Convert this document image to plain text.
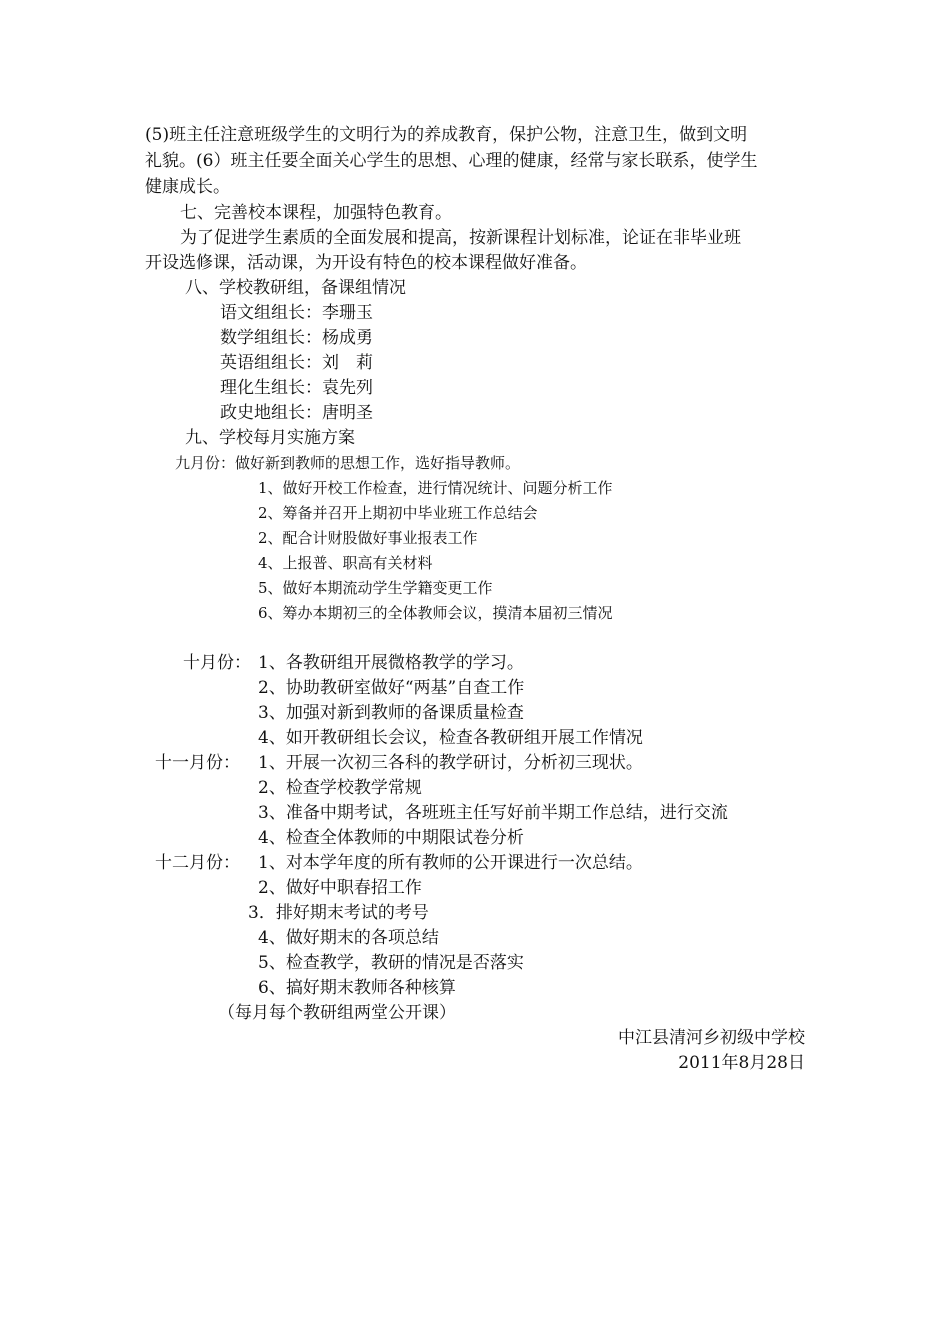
(5)班主任注意班级学生的文明行为的养成教育，保护公物，注意卫生，做到文明

礼貌。(6）班主任要全面关心学生的思想、心理的健康，经常与家长联系，使学生

健康成长。

七、完善校本课程，加强特色教育。

为了促进学生素质的全面发展和提高，按新课程计划标准，论证在非毕业班

开设选修课，活动课，为开设有特色的校本课程做好准备。

八、学校教研组，备课组情况

语文组组长：李珊玉

数学组组长：杨成勇

英语组组长：刘　莉

理化生组长：袁先列

政史地组长：唐明圣

九、学校每月实施方案

九月份：做好新到教师的思想工作，选好指导教师。

1、做好开校工作检查，进行情况统计、问题分析工作

2、筹备并召开上期初中毕业班工作总结会

2、配合计财股做好事业报表工作

4、上报普、职高有关材料

5、做好本期流动学生学籍变更工作

6、筹办本期初三的全体教师会议，摸清本届初三情况

十月份： 1、各教研组开展微格教学的学习。

2、协助教研室做好“两基”自查工作

3、加强对新到教师的备课质量检查

4、如开教研组长会议，检查各教研组开展工作情况

十一月份： 1、开展一次初三各科的教学研讨，分析初三现状。

2、检查学校教学常规

3、准备中期考试，各班班主任写好前半期工作总结，进行交流

4、检查全体教师的中期限试卷分析

十二月份： 1、对本学年度的所有教师的公开课进行一次总结。

2、做好中职春招工作

3．排好期末考试的考号

4、做好期末的各项总结

5、检查教学，教研的情况是否落实

6、搞好期末教师各种核算

（每月每个教研组两堂公开课）

中江县清河乡初级中学校

2011年8月28日
